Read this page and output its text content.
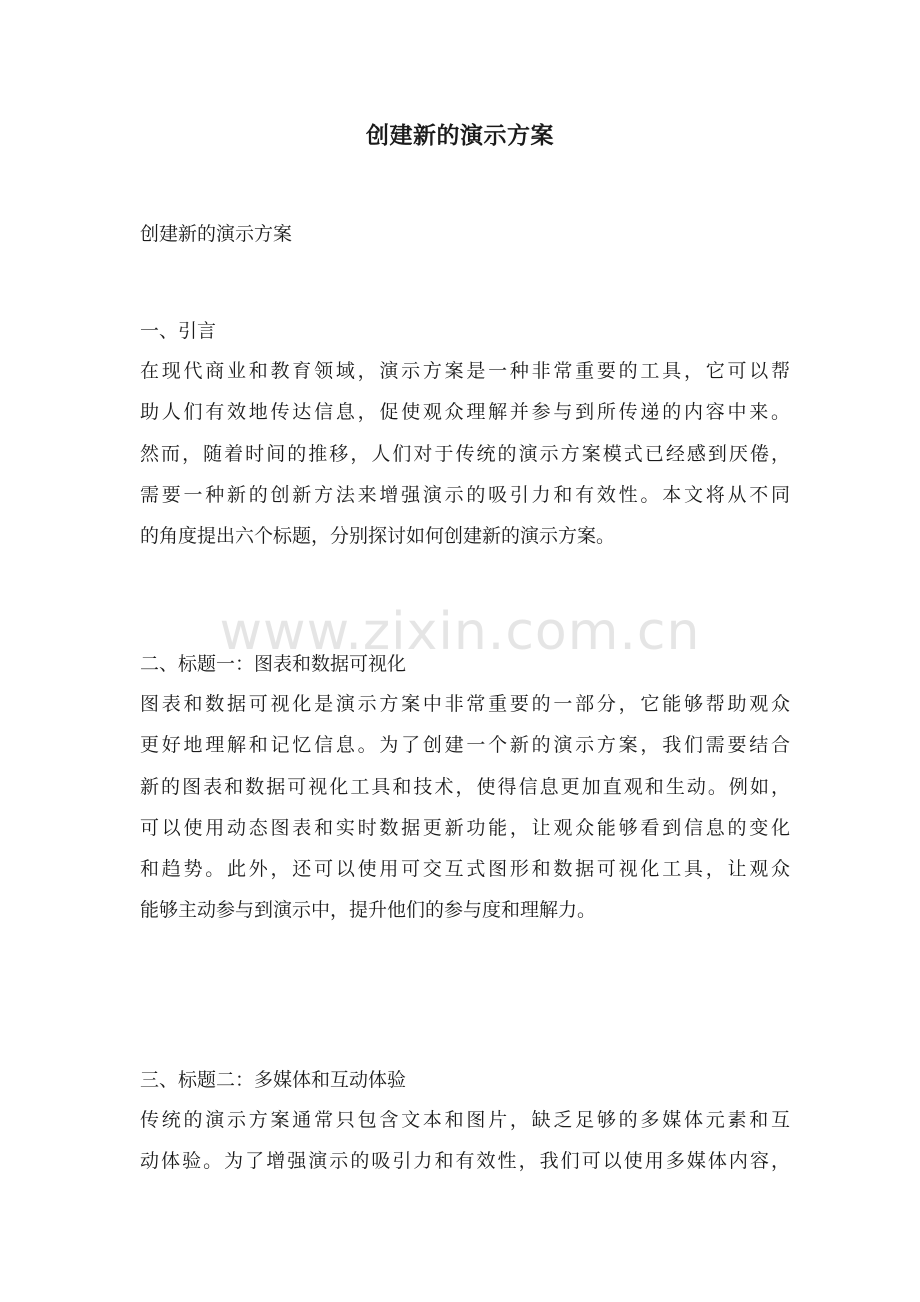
创建新的演示方案
创建新的演示方案
一、引言
在现代商业和教育领域，演示方案是一种非常重要的工具，它可以帮
助人们有效地传达信息，促使观众理解并参与到所传递的内容中来。
然而，随着时间的推移，人们对于传统的演示方案模式已经感到厌倦，
需要一种新的创新方法来增强演示的吸引力和有效性。本文将从不同
的角度提出六个标题，分别探讨如何创建新的演示方案。
二、标题一：图表和数据可视化
图表和数据可视化是演示方案中非常重要的一部分，它能够帮助观众
更好地理解和记忆信息。为了创建一个新的演示方案，我们需要结合
新的图表和数据可视化工具和技术，使得信息更加直观和生动。例如，
可以使用动态图表和实时数据更新功能，让观众能够看到信息的变化
和趋势。此外，还可以使用可交互式图形和数据可视化工具，让观众
能够主动参与到演示中，提升他们的参与度和理解力。
三、标题二：多媒体和互动体验
传统的演示方案通常只包含文本和图片，缺乏足够的多媒体元素和互
动体验。为了增强演示的吸引力和有效性，我们可以使用多媒体内容，
www.zixin.com.cn
